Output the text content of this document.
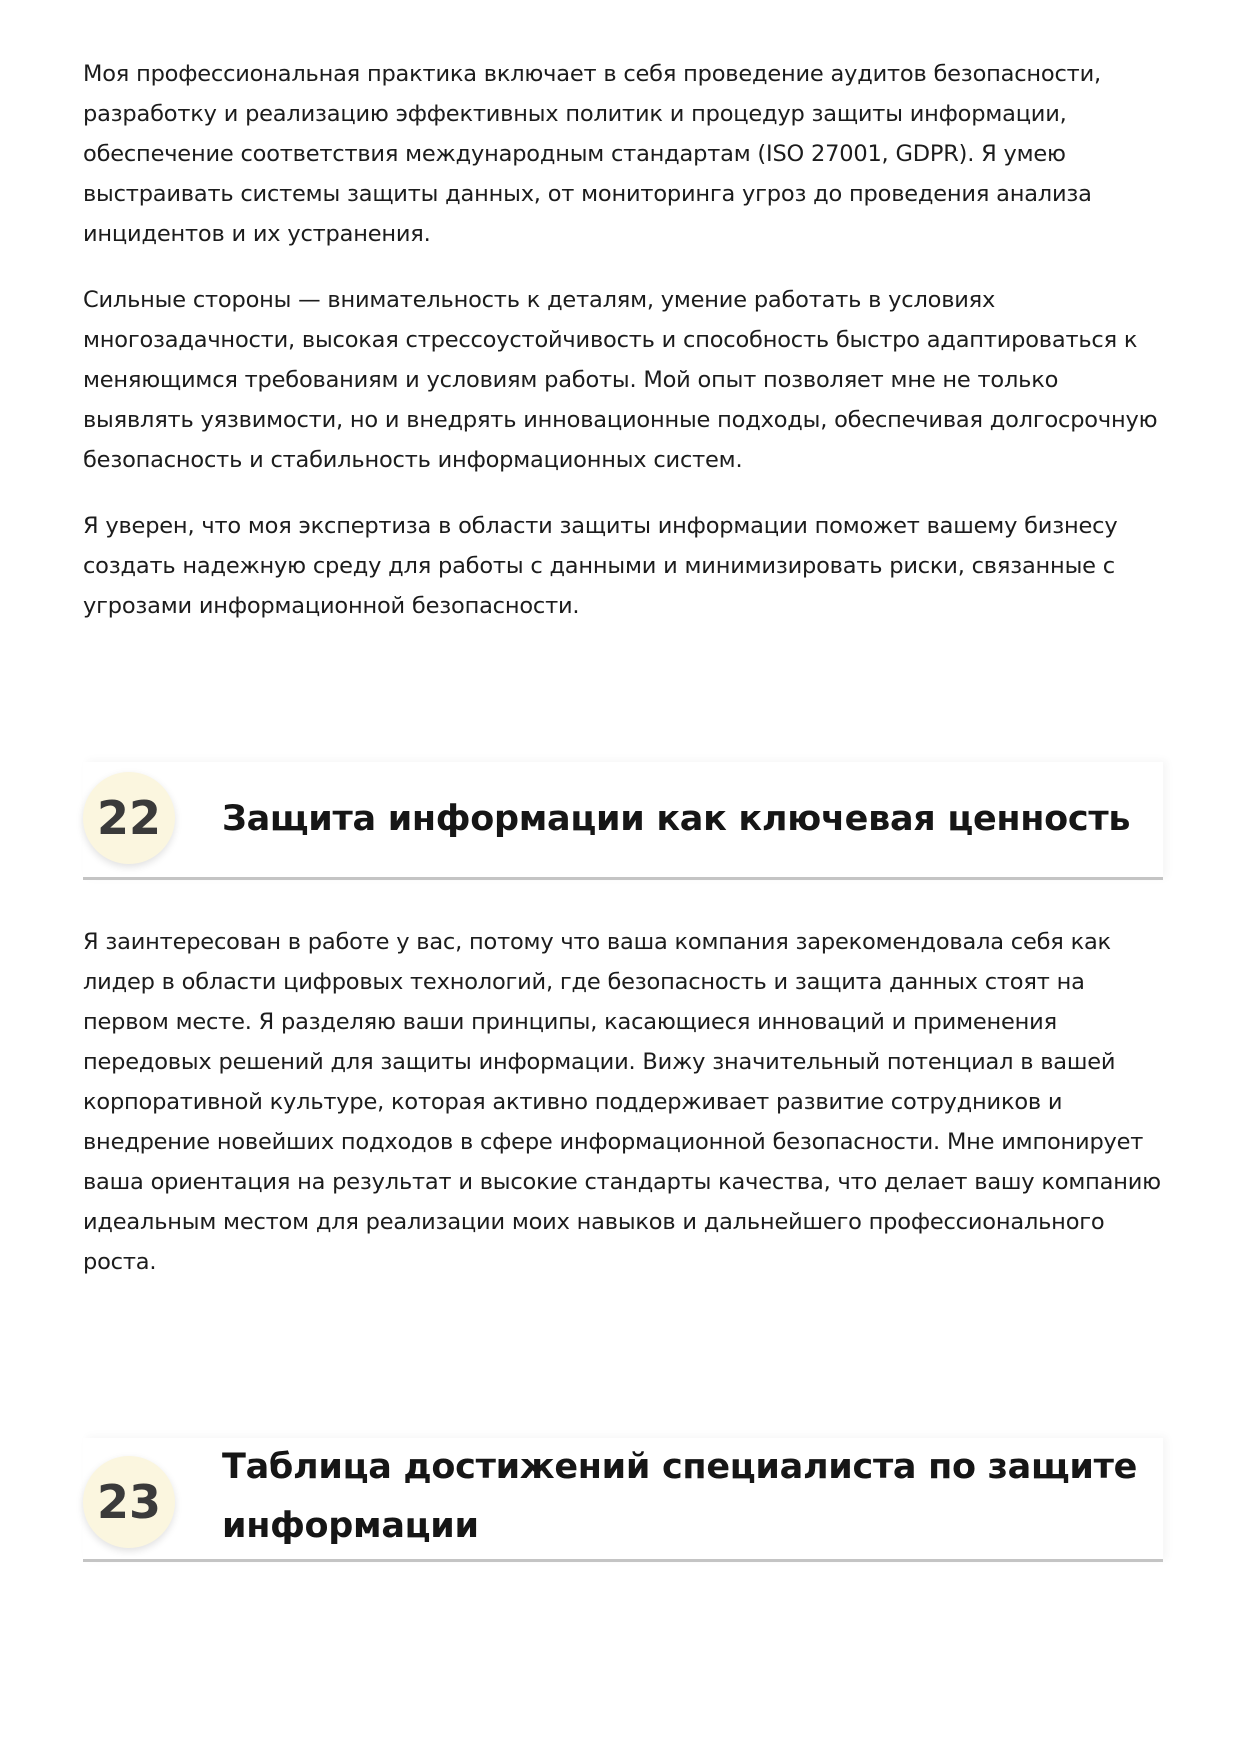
Моя профессиональная практика включает в себя проведение аудитов безопасности, разработку и реализацию эффективных политик и процедур защиты информации, обеспечение соответствия международным стандартам (ISO 27001, GDPR). Я умею выстраивать системы защиты данных, от мониторинга угроз до проведения анализа инцидентов и их устранения.

Сильные стороны — внимательность к деталям, умение работать в условиях многозадачности, высокая стрессоустойчивость и способность быстро адаптироваться к меняющимся требованиям и условиям работы. Мой опыт позволяет мне не только выявлять уязвимости, но и внедрять инновационные подходы, обеспечивая долгосрочную безопасность и стабильность информационных систем.

Я уверен, что моя экспертиза в области защиты информации поможет вашему бизнесу создать надежную среду для работы с данными и минимизировать риски, связанные с угрозами информационной безопасности.

22	Защита информации как ключевая ценность

Я заинтересован в работе у вас, потому что ваша компания зарекомендовала себя как лидер в области цифровых технологий, где безопасность и защита данных стоят на первом месте. Я разделяю ваши принципы, касающиеся инноваций и применения передовых решений для защиты информации. Вижу значительный потенциал в вашей корпоративной культуре, которая активно поддерживает развитие сотрудников и внедрение новейших подходов в сфере информационной безопасности. Мне импонирует ваша ориентация на результат и высокие стандарты качества, что делает вашу компанию идеальным местом для реализации моих навыков и дальнейшего профессионального роста.

23
Таблица достижений специалиста по защите информации
